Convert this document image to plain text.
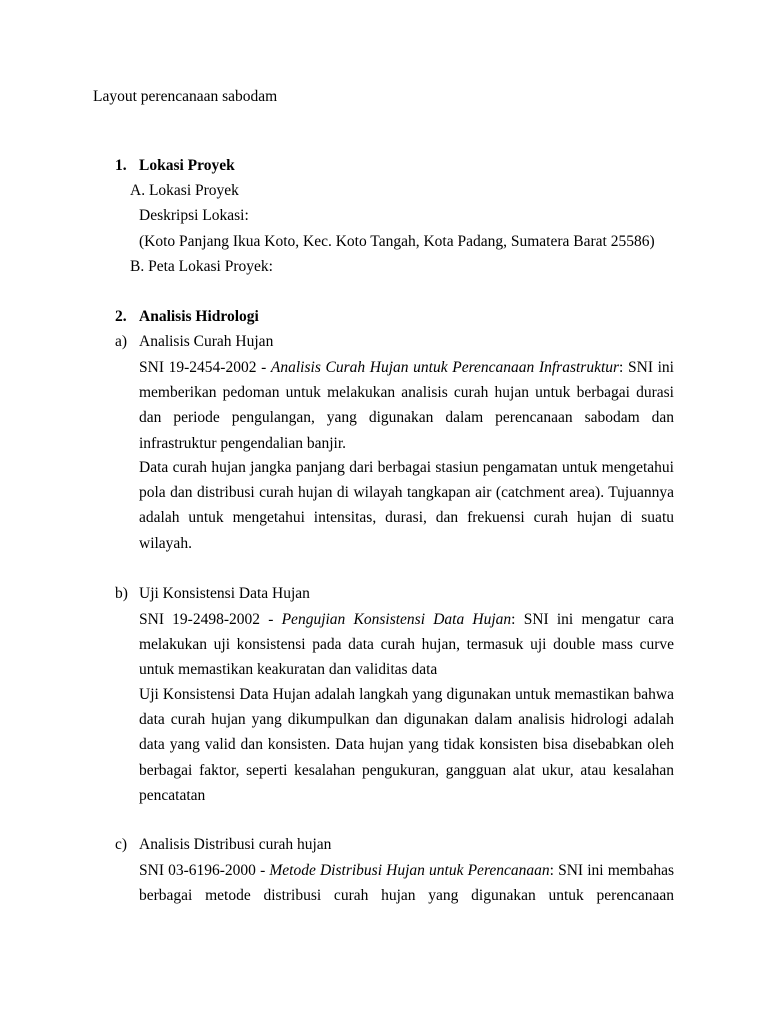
Layout perencanaan sabodam
1. Lokasi Proyek
A. Lokasi Proyek
Deskripsi Lokasi:
(Koto Panjang Ikua Koto, Kec. Koto Tangah, Kota Padang, Sumatera Barat 25586)
B. Peta Lokasi Proyek:
2. Analisis Hidrologi
a) Analisis Curah Hujan
SNI 19-2454-2002 - Analisis Curah Hujan untuk Perencanaan Infrastruktur: SNI ini memberikan pedoman untuk melakukan analisis curah hujan untuk berbagai durasi dan periode pengulangan, yang digunakan dalam perencanaan sabodam dan infrastruktur pengendalian banjir.
Data curah hujan jangka panjang dari berbagai stasiun pengamatan untuk mengetahui pola dan distribusi curah hujan di wilayah tangkapan air (catchment area). Tujuannya adalah untuk mengetahui intensitas, durasi, dan frekuensi curah hujan di suatu wilayah.
b) Uji Konsistensi Data Hujan
SNI 19-2498-2002 - Pengujian Konsistensi Data Hujan: SNI ini mengatur cara melakukan uji konsistensi pada data curah hujan, termasuk uji double mass curve untuk memastikan keakuratan dan validitas data
Uji Konsistensi Data Hujan adalah langkah yang digunakan untuk memastikan bahwa data curah hujan yang dikumpulkan dan digunakan dalam analisis hidrologi adalah data yang valid dan konsisten. Data hujan yang tidak konsisten bisa disebabkan oleh berbagai faktor, seperti kesalahan pengukuran, gangguan alat ukur, atau kesalahan pencatatan
c) Analisis Distribusi curah hujan
SNI 03-6196-2000 - Metode Distribusi Hujan untuk Perencanaan: SNI ini membahas berbagai metode distribusi curah hujan yang digunakan untuk perencanaan
